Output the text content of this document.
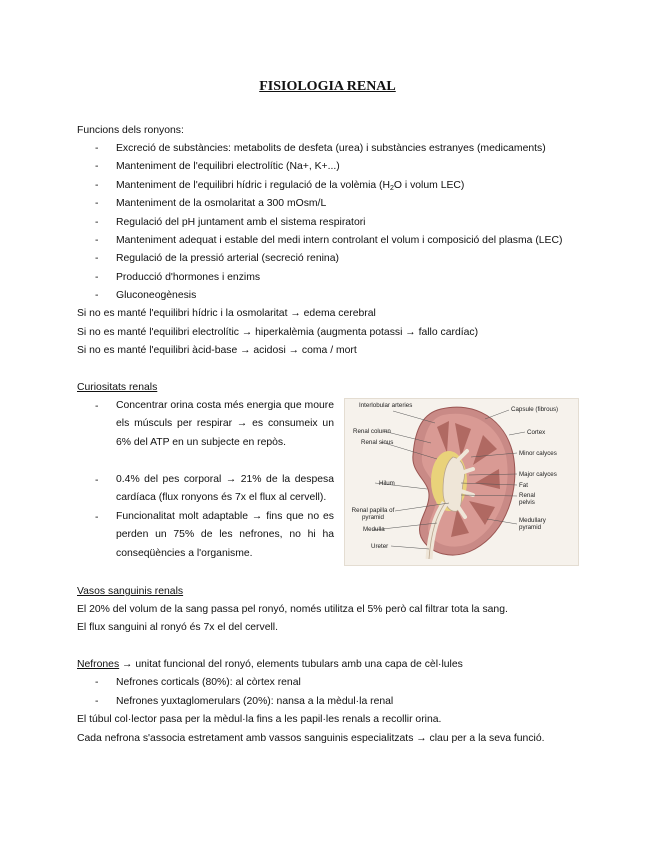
FISIOLOGIA RENAL
Funcions dels ronyons:
- Excreció de substàncies: metabolits de desfeta (urea) i substàncies estranyes (medicaments)
- Manteniment de l'equilibri electrolític (Na+, K+...)
- Manteniment de l'equilibri hídric i regulació de la volèmia ($H_2O$ i volum LEC)
- Manteniment de la osmolaritat a 300 mOsm/L
- Regulació del pH juntament amb el sistema respiratori
- Manteniment adequat i estable del medi intern controlant el volum i composició del plasma (LEC)
- Regulació de la pressió arterial (secreció renina)
- Producció d'hormones i enzims
- Gluconeogènesis
Si no es manté l'equilibri hídric i la osmolaritat → edema cerebral
Si no es manté l'equilibri electrolític → hiperkalèmia (augmenta potassi → fallo cardíac)
Si no es manté l'equilibri àcid-base → acidosi → coma / mort
Curiositats renals
- Concentrar orina costa més energia que moure els músculs per respirar → es consumeix un 6% del ATP en un subjecte en repòs.
- 0.4% del pes corporal → 21% de la despesa cardíaca (flux ronyons és 7x el flux al cervell).
- Funcionalitat molt adaptable → fins que no es perden un 75% de les nefrones, no hi ha conseqüències a l'organisme.
Interlobular arteries
Renal column
Renal sinus
Hilum
Renal papilla of pyramid
Medulla
Ureter
Capsule (fibrous)
Cortex
Minor calyces
Major calyces
Fat
Renal pelvis
Medullary pyramid
Vasos sanguinis renals
El 20% del volum de la sang passa pel ronyó, només utilitza el 5% però cal filtrar tota la sang.
El flux sanguini al ronyó és 7x el del cervell.
Nefrones → unitat funcional del ronyó, elements tubulars amb una capa de cèl·lules
- Nefrones corticals (80%): al còrtex renal
- Nefrones yuxtaglomerulars (20%): nansa a la mèdul·la renal
El túbul col·lector pasa per la mèdul·la fins a les papil·les renals a recollir orina.
Cada nefrona s'associa estretament amb vassos sanguinis especialitzats → clau per a la seva funció.
